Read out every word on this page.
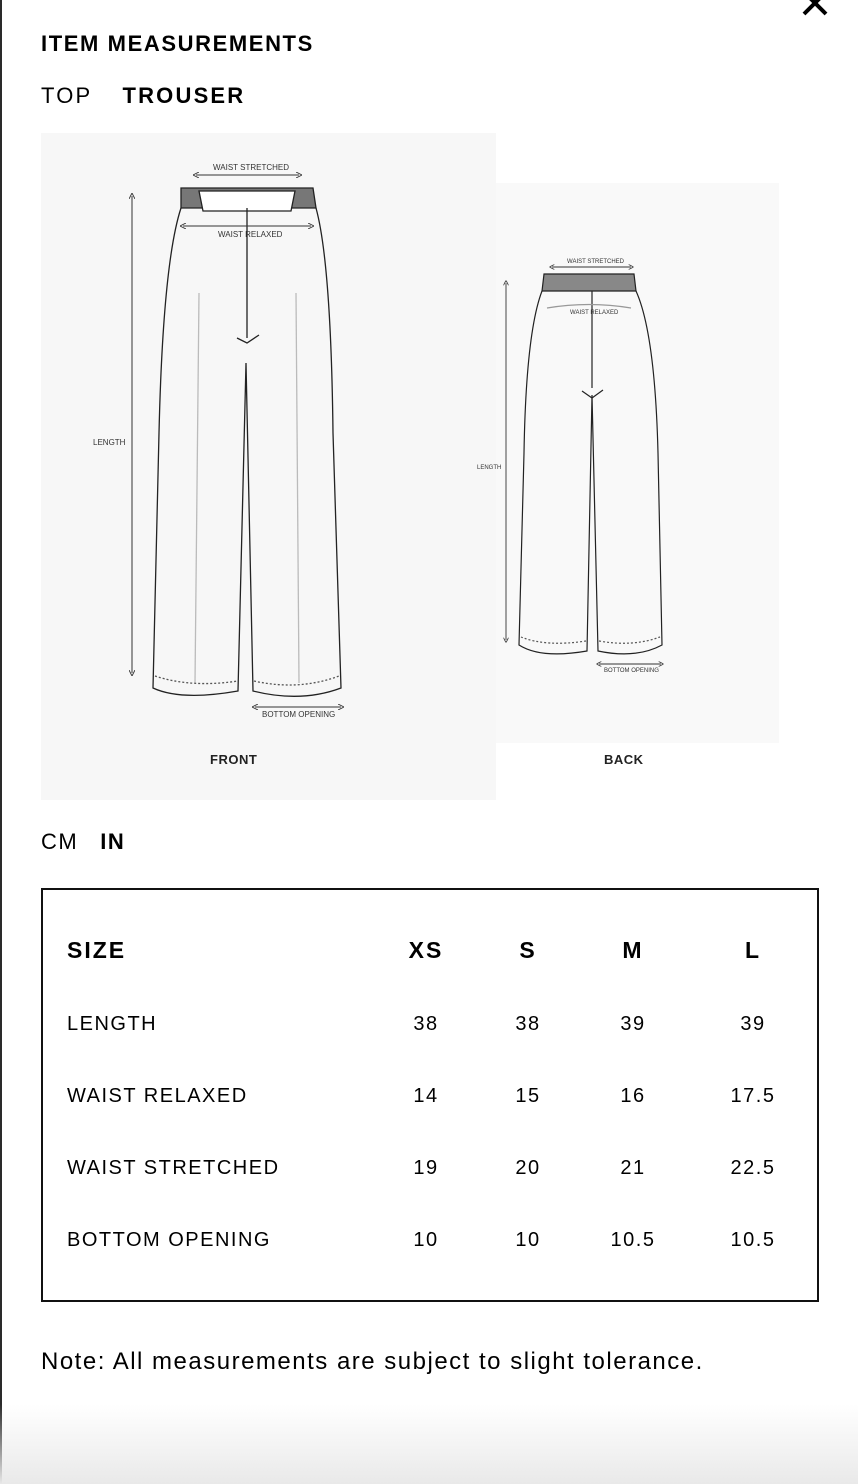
ITEM MEASUREMENTS
TOP TROUSER
WAIST STRETCHED
WAIST RELAXED
LENGTH
BOTTOM OPENING
WAIST STRETCHED
WAIST RELAXED
LENGTH
BOTTOM OPENING
FRONT	BACK
CM IN
SIZE	XS	S	M	L
LENGTH	38	38	39	39
WAIST RELAXED	14	15	16	17.5
WAIST STRETCHED	19	20	21	22.5
BOTTOM OPENING	10	10	10.5	10.5

Note: All measurements are subject to slight tolerance.
